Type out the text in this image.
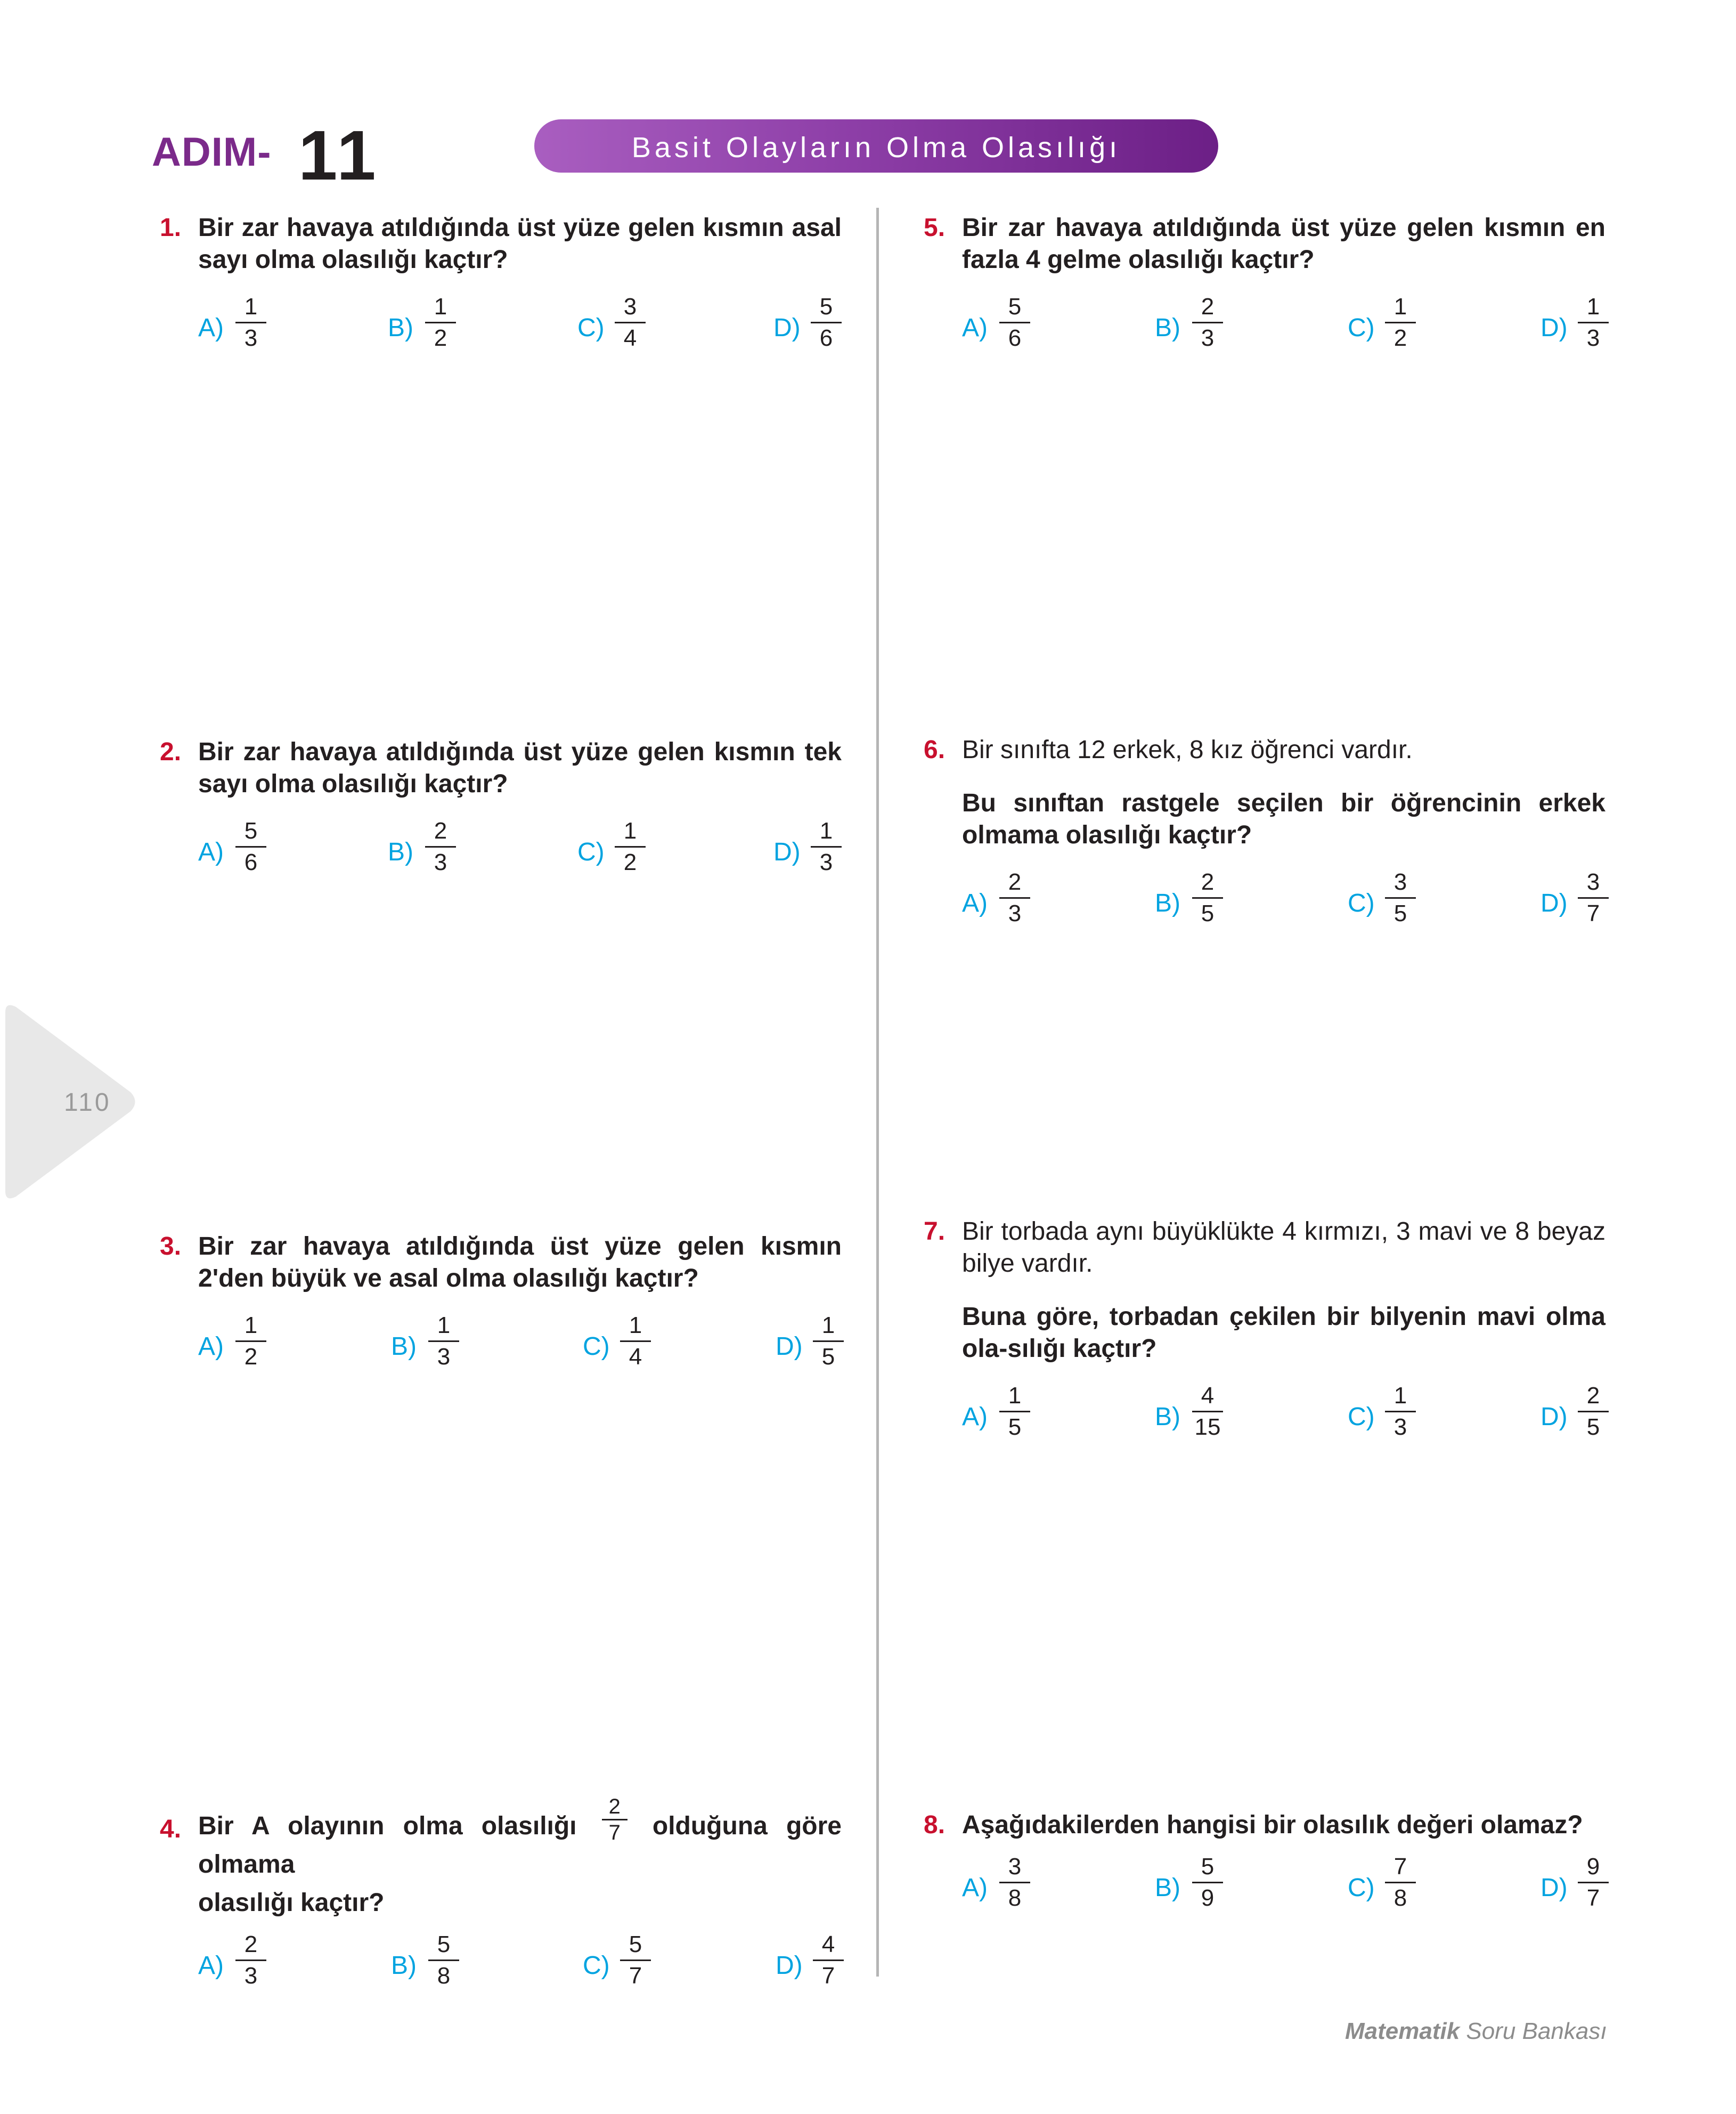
ADIM- 11	Basit Olayların Olma Olasılığı
110
1. Bir zar havaya atıldığında üst yüze gelen kısmın asal sayı olma olasılığı kaçtır?
A)
1
3	B)
1
2	C)
3
4	D)
5
6
2. Bir zar havaya atıldığında üst yüze gelen kısmın tek sayı olma olasılığı kaçtır?
A)
5
6	B)
2
3	C)
1
2	D)
1
3
3. Bir zar havaya atıldığında üst yüze gelen kısmın 2'den büyük ve asal olma olasılığı kaçtır?
A)
1
2	B)
1
3	C)
1
4	D)
1
5
4. Bir A olayının olma olasılığı $\frac{2}{7}$ olduğuna göre olmama
olasılığı kaçtır?
A)
2
3	B)
5
8	C)
5
7	D)
4
7
5. Bir zar havaya atıldığında üst yüze gelen kısmın en fazla 4 gelme olasılığı kaçtır?
A)
5
6	B)
2
3	C)
1
2	D)
1
3
6. Bir sınıfta 12 erkek, 8 kız öğrenci vardır.
Bu sınıftan rastgele seçilen bir öğrencinin erkek olmama olasılığı kaçtır?
A)
2
3	B)
2
5	C)
3
5	D)
3
7
7. Bir torbada aynı büyüklükte 4 kırmızı, 3 mavi ve 8 beyaz bilye vardır.
Buna göre, torbadan çekilen bir bilyenin mavi olma ola-sılığı kaçtır?
A)
1
5	B)
4
15	C)
1
3	D)
2
5
8. Aşağıdakilerden hangisi bir olasılık değeri olamaz?
A)
3
8	B)
5
9	C)
7
8	D)
9
7
Matematik Soru Bankası
